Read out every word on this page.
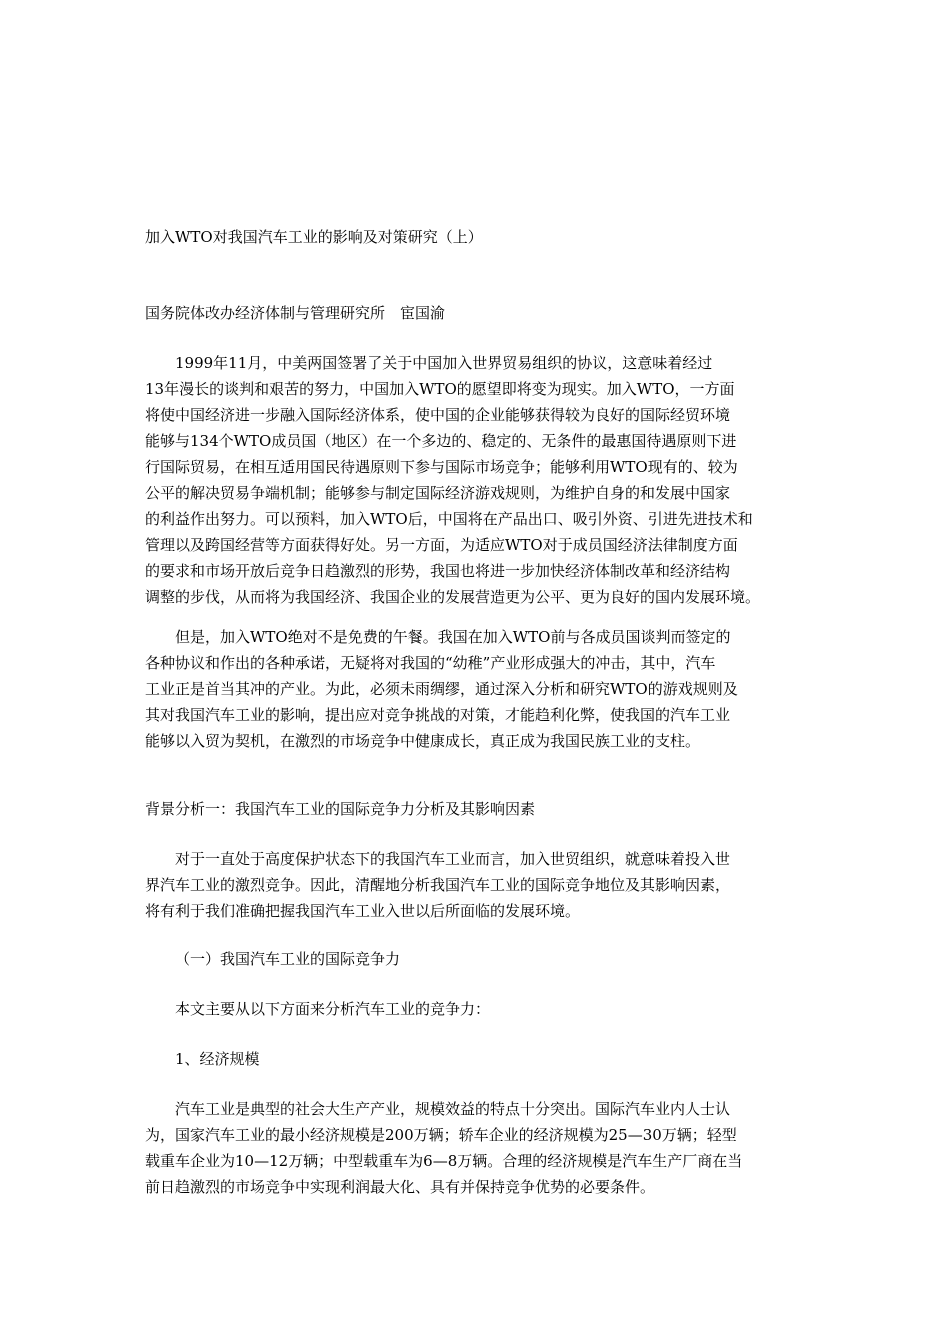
加入WTO对我国汽车工业的影响及对策研究（上）
国务院体改办经济体制与管理研究所　宦国渝
　　1999年11月，中美两国签署了关于中国加入世界贸易组织的协议，这意味着经过
13年漫长的谈判和艰苦的努力，中国加入WTO的愿望即将变为现实。加入WTO，一方面
将使中国经济进一步融入国际经济体系，使中国的企业能够获得较为良好的国际经贸环境
能够与134个WTO成员国（地区）在一个多边的、稳定的、无条件的最惠国待遇原则下进
行国际贸易，在相互适用国民待遇原则下参与国际市场竞争；能够利用WTO现有的、较为
公平的解决贸易争端机制；能够参与制定国际经济游戏规则，为维护自身的和发展中国家
的利益作出努力。可以预料，加入WTO后，中国将在产品出口、吸引外资、引进先进技术和
管理以及跨国经营等方面获得好处。另一方面，为适应WTO对于成员国经济法律制度方面
的要求和市场开放后竞争日趋激烈的形势，我国也将进一步加快经济体制改革和经济结构
调整的步伐，从而将为我国经济、我国企业的发展营造更为公平、更为良好的国内发展环境。
　　但是，加入WTO绝对不是免费的午餐。我国在加入WTO前与各成员国谈判而签定的
各种协议和作出的各种承诺，无疑将对我国的“幼稚”产业形成强大的冲击，其中，汽车
工业正是首当其冲的产业。为此，必须未雨绸缪，通过深入分析和研究WTO的游戏规则及
其对我国汽车工业的影响，提出应对竞争挑战的对策，才能趋利化弊，使我国的汽车工业
能够以入贸为契机，在激烈的市场竞争中健康成长，真正成为我国民族工业的支柱。
背景分析一：我国汽车工业的国际竞争力分析及其影响因素
　　对于一直处于高度保护状态下的我国汽车工业而言，加入世贸组织，就意味着投入世
界汽车工业的激烈竞争。因此，清醒地分析我国汽车工业的国际竞争地位及其影响因素，
将有利于我们准确把握我国汽车工业入世以后所面临的发展环境。
（一）我国汽车工业的国际竞争力
本文主要从以下方面来分析汽车工业的竞争力：
1、经济规模
　　汽车工业是典型的社会大生产产业，规模效益的特点十分突出。国际汽车业内人士认
为，国家汽车工业的最小经济规模是200万辆；轿车企业的经济规模为25—30万辆；轻型
载重车企业为10—12万辆；中型载重车为6—8万辆。合理的经济规模是汽车生产厂商在当
前日趋激烈的市场竞争中实现利润最大化、具有并保持竞争优势的必要条件。
